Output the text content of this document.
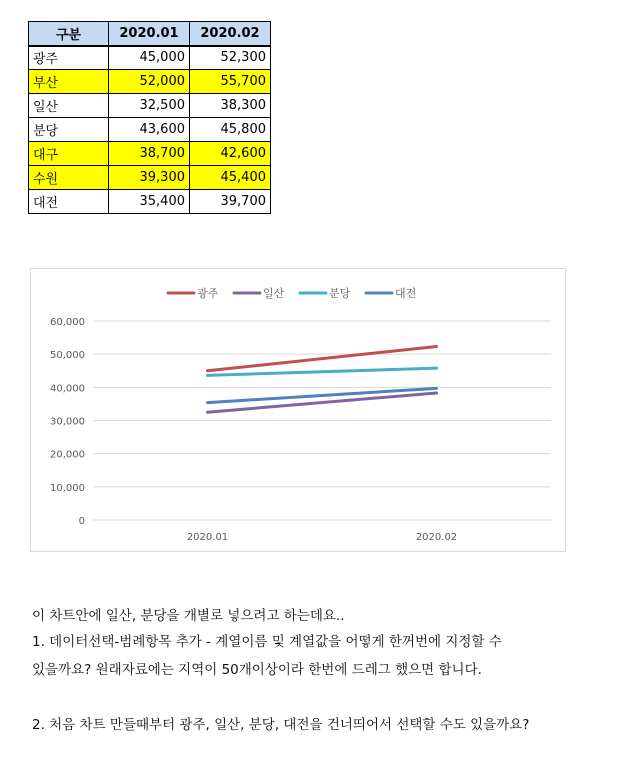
구분	2020.01	2020.02
광주	45,000	52,300
부산	52,000	55,700
일산	32,500	38,300
분당	43,600	45,800
대구	38,700	42,600
수원	39,300	45,400
대전	35,400	39,700
0
10,000
20,000
30,000
40,000
50,000
60,000
2020.01	2020.02
광주	일산	분당	대전
이 차트안에 일산, 분당을 개별로 넣으려고 하는데요..
1. 데이터선택-범례항목 추가 - 계열이름 및 계열값을 어떻게 한꺼번에 지정할 수
있을까요? 원래자료에는 지역이 50개이상이라 한번에 드레그 했으면 합니다.
2. 처음 차트 만들때부터 광주, 일산, 분당, 대전을 건너띄어서 선택할 수도 있을까요?
